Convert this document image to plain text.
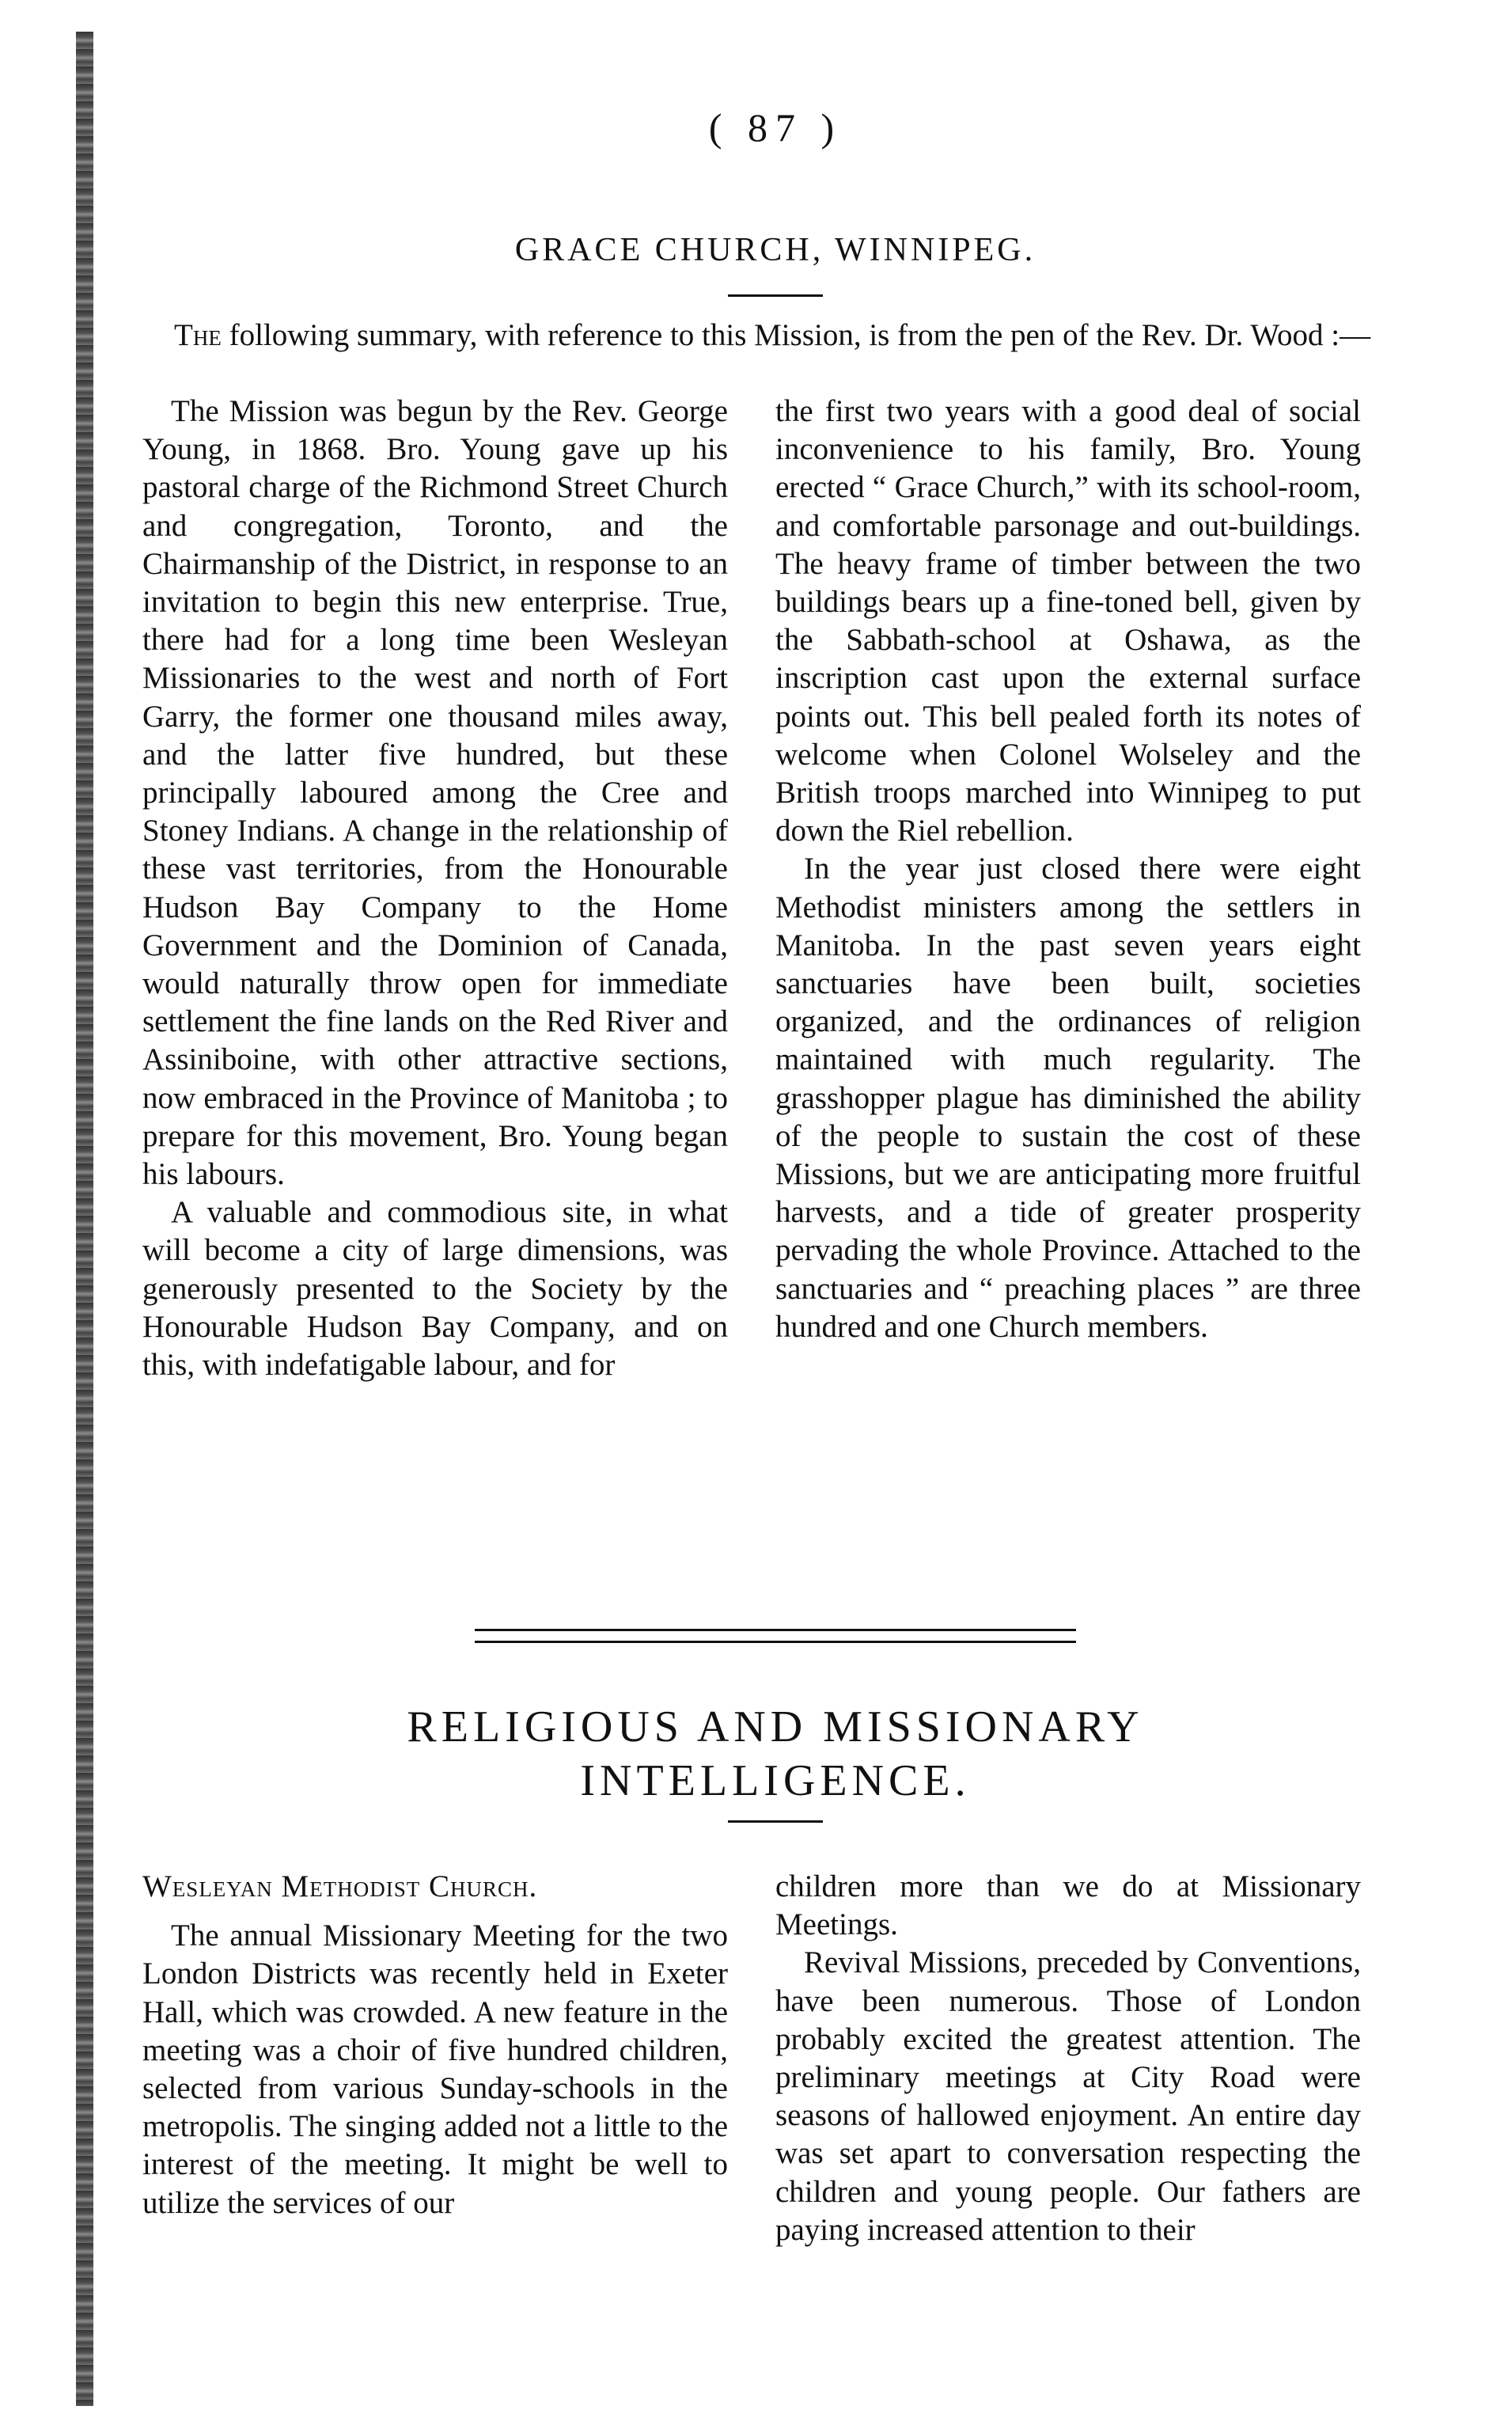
( 87 )
GRACE CHURCH, WINNIPEG.
The following summary, with reference to this Mission, is from the pen of the Rev. Dr. Wood :—

The Mission was begun by the Rev. George Young, in 1868. Bro. Young gave up his pastoral charge of the Richmond Street Church and congregation, Toronto, and the Chairmanship of the District, in response to an invitation to begin this new enterprise. True, there had for a long time been Wesleyan Missionaries to the west and north of Fort Garry, the former one thousand miles away, and the latter five hundred, but these principally laboured among the Cree and Stoney Indians. A change in the relationship of these vast territories, from the Honourable Hudson Bay Company to the Home Government and the Dominion of Canada, would naturally throw open for immediate settlement the fine lands on the Red River and Assiniboine, with other attractive sections, now embraced in the Province of Manitoba ; to prepare for this movement, Bro. Young began his labours.

A valuable and commodious site, in what will become a city of large dimensions, was generously presented to the Society by the Honourable Hudson Bay Company, and on this, with indefatigable labour, and for

the first two years with a good deal of social inconvenience to his family, Bro. Young erected “ Grace Church,” with its school-room, and comfortable parsonage and out-buildings. The heavy frame of timber between the two buildings bears up a fine-toned bell, given by the Sabbath-school at Oshawa, as the inscription cast upon the external surface points out. This bell pealed forth its notes of welcome when Colonel Wolseley and the British troops marched into Winnipeg to put down the Riel rebellion.

In the year just closed there were eight Methodist ministers among the settlers in Manitoba. In the past seven years eight sanctuaries have been built, societies organized, and the ordinances of religion maintained with much regularity. The grasshopper plague has diminished the ability of the people to sustain the cost of these Missions, but we are anticipating more fruitful harvests, and a tide of greater prosperity pervading the whole Province. Attached to the sanctuaries and “ preaching places ” are three hundred and one Church members.

RELIGIOUS AND MISSIONARY
INTELLIGENCE.

Wesleyan Methodist Church.

The annual Missionary Meeting for the two London Districts was recently held in Exeter Hall, which was crowded. A new feature in the meeting was a choir of five hundred children, selected from various Sunday-schools in the metropolis. The singing added not a little to the interest of the meeting. It might be well to utilize the services of our

children more than we do at Missionary Meetings.

Revival Missions, preceded by Conventions, have been numerous. Those of London probably excited the greatest attention. The preliminary meetings at City Road were seasons of hallowed enjoyment. An entire day was set apart to conversation respecting the children and young people. Our fathers are paying increased attention to their
